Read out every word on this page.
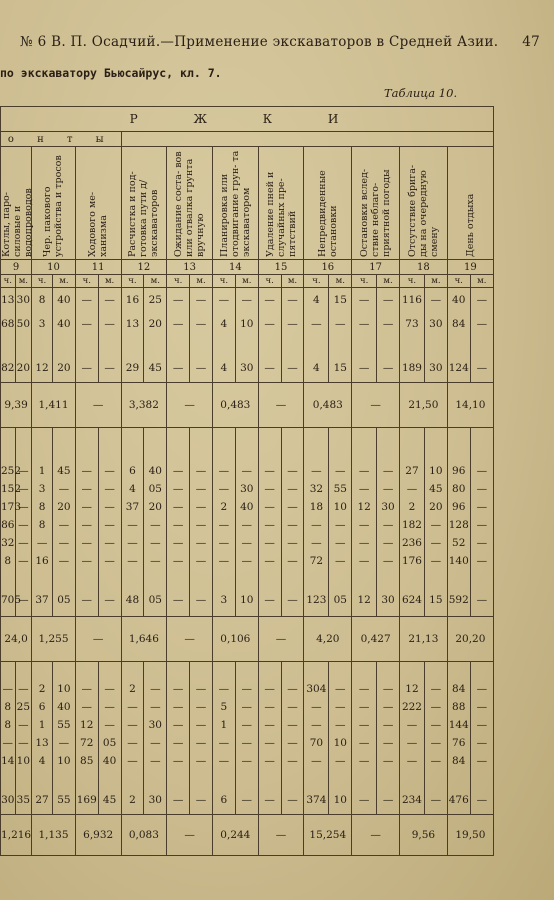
№ 6 В. П. Осадчий.—Применение экскаваторов в Средней Азии. 47
по экскаватору Бьюсайрус, кл. 7.
Таблица 10.
Р Ж К И																					
о н т ы																					

Котлы, паро- силовые и водопроводов		Чер. пакового устройства и тросов		Ходового ме- ханизма		Расчистка и под- готовка пути д/экскаваторов		Ожидание соста- вов или отвалка грунта вручную		Планировка или отодвигание грун- та экскаватором		Удаление пней и случайных пре- пятствий		Непредвиденные остановки		Остановки вслед- ствие неблаго- приятной погоды		Отсутствие брига- ды на очередную смену		День отдыха	

9		10		11		12		13		14		15		16		17		18		19	
ч.	м.	ч.	м.	ч.	м.	ч.	м.	ч.	м.	ч.	м.	ч.	м.	ч.	м.	ч.	м.	ч.	м.	ч.	м.
13	30	8	40	—	—	16	25	—	—	—	—	—	—	4	15	—	—	116	—	40	—
68	50	3	40	—	—	13	20	—	—	4	10	—	—	—	—	—	—	73	30	84	—

82	20	12	20	—	—	29	45	—	—	4	30	—	—	4	15	—	—	189	30	124	—
9,39		1,411		—		3,382		—		0,483		—		0,483		—		21,50		14,10	

252	—	1	45	—	—	6	40	—	—	—	—	—	—	—	—	—	—	27	10	96	—
152	—	3	—	—	—	4	05	—	—	—	30	—	—	32	55	—	—	—	45	80	—
173	—	8	20	—	—	37	20	—	—	2	40	—	—	18	10	12	30	2	20	96	—
86	—	8	—	—	—	—	—	—	—	—	—	—	—	—	—	—	—	182	—	128	—
32	—	—	—	—	—	—	—	—	—	—	—	—	—	—	—	—	—	236	—	52	—
8	—	16	—	—	—	—	—	—	—	—	—	—	—	72	—	—	—	176	—	140	—

705	—	37	05	—	—	48	05	—	—	3	10	—	—	123	05	12	30	624	15	592	—
24,0		1,255		—		1,646		—		0,106		—		4,20		0,427		21,13		20,20	

—	—	2	10	—	—	2	—	—	—	—	—	—	—	304	—	—	—	12	—	84	—
8	25	6	40	—	—	—	—	—	—	5	—	—	—	—	—	—	—	222	—	88	—
8	—	1	55	12	—	—	30	—	—	1	—	—	—	—	—	—	—	—	—	144	—
—	—	13	—	72	05	—	—	—	—	—	—	—	—	70	10	—	—	—	—	76	—
14	10	4	10	85	40	—	—	—	—	—	—	—	—	—	—	—	—	—	—	84	—

30	35	27	55	169	45	2	30	—	—	6	—	—	—	374	10	—	—	234	—	476	—
1,216		1,135		6,932		0,083		—		0,244		—		15,254		—		9,56		19,50	
